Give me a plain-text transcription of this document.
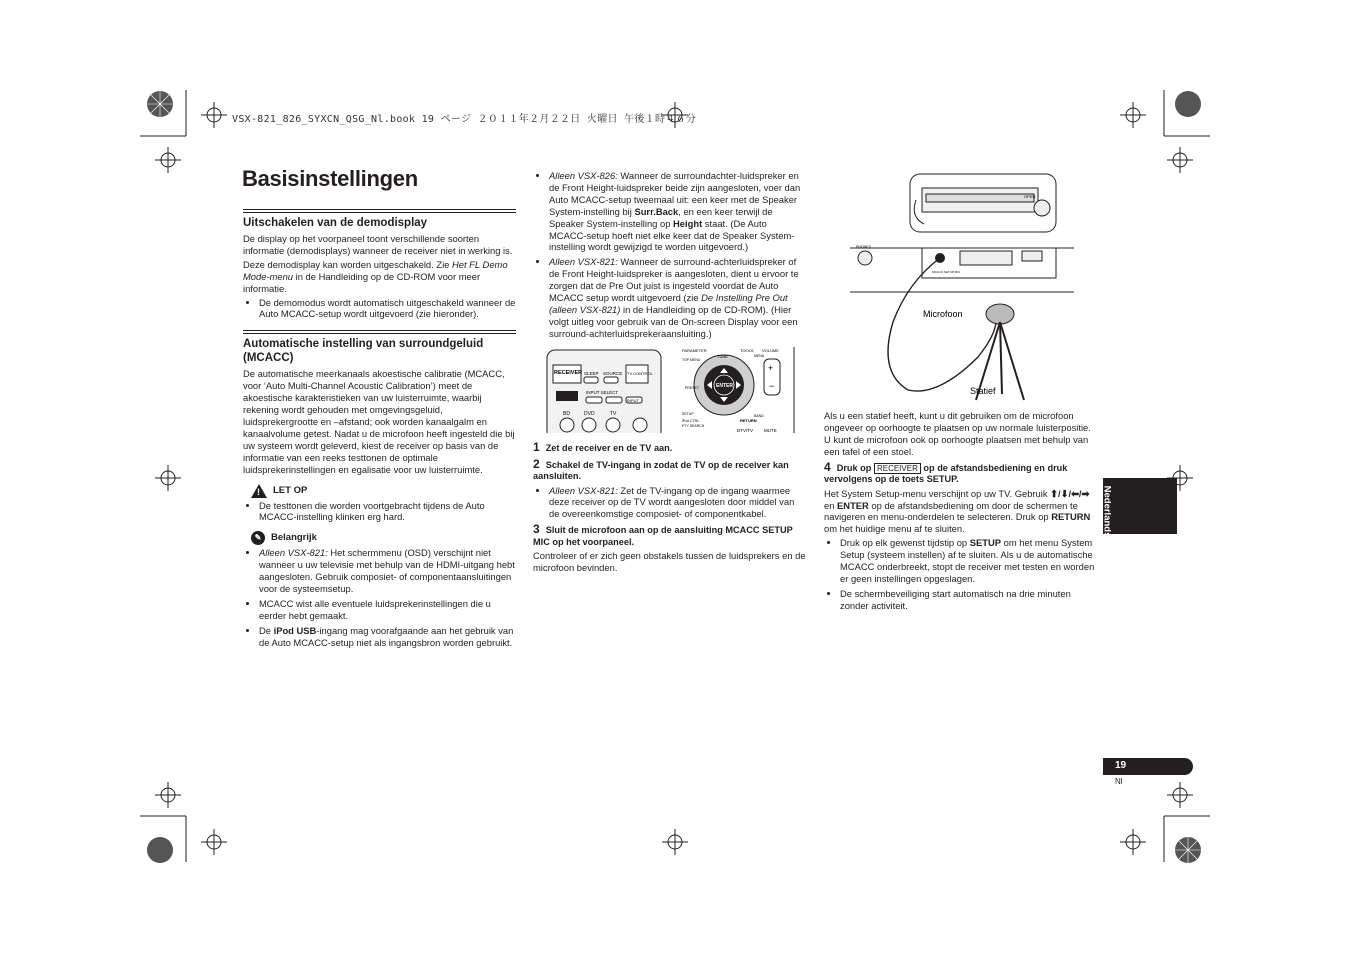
VSX-821_826_SYXCN_QSG_Nl.book 19 ページ ２０１１年２月２２日 火曜日 午後１時４６分
Basisinstellingen
Uitschakelen van de demodisplay

De display op het voorpaneel toont verschillende soorten informatie (demodisplays) wanneer de receiver niet in werking is.

Deze demodisplay kan worden uitgeschakeld. Zie Het FL Demo Mode-menu in de Handleiding op de CD-ROM voor meer informatie.

• De demomodus wordt automatisch uitgeschakeld wanneer de Auto MCACC-setup wordt uitgevoerd (zie hieronder).
Automatische instelling van surroundgeluid (MCACC)

De automatische meerkanaals akoestische calibratie (MCACC, voor ‘Auto Multi-Channel Acoustic Calibration’) meet de akoestische karakteristieken van uw luisterruimte, waarbij rekening wordt gehouden met omgevingsgeluid, luidsprekergrootte en –afstand; ook worden kanaalgalm en kanaalvolume getest. Nadat u de microfoon heeft ingesteld die bij uw systeem wordt geleverd, kiest de receiver op basis van de informatie van een reeks testtonen de optimale luidsprekerinstellingen en egalisatie voor uw luisterruimte.

! LET OP
• De testtonen die worden voortgebracht tijdens de Auto MCACC-instelling klinken erg hard.
✎	Belangrijk
• Alleen VSX-821: Het schermmenu (OSD) verschijnt niet wanneer u uw televisie met behulp van de HDMI-uitgang hebt aangesloten. Gebruik composiet- of componentaansluitingen voor de systeemsetup.
• MCACC wist alle eventuele luidsprekerinstellingen die u eerder hebt gemaakt.
• De iPod USB-ingang mag voorafgaande aan het gebruik van de Auto MCACC-setup niet als ingangsbron worden gebruikt.
• Alleen VSX-826: Wanneer de surroundachter-luidspreker en de Front Height-luidspreker beide zijn aangesloten, voer dan Auto MCACC-setup tweemaal uit: een keer met de Speaker System-instelling bij Surr.Back, en een keer terwijl de Speaker System-instelling op Height staat. (De Auto MCACC-setup hoeft niet elke keer dat de Speaker System-instelling wordt gewijzigd te worden uitgevoerd.)
• Alleen VSX-821: Wanneer de surround-achterluidspreker of de Front Height-luidspreker is aangesloten, dient u ervoor te zorgen dat de Pre Out juist is ingesteld voordat de Auto MCACC setup wordt uitgevoerd (zie De Instelling Pre Out (alleen VSX-821) in de Handleiding op de CD-ROM). (Hier volgt uitleg voor gebruik van de On-screen Display voor een surround-achterluidsprekeraansluiting.)
RECEIVER SLEEP SOURCE TV CONTROL
INPUT SELECT
INPUT
BD	DVD	TV
PARAMETER	TOOLS VOLUME
TOP MENU
MENU
ENTER
TUNE
PRESET
+
−
BAND
SETUP
RETURN
iPod CTRL
PTY SEARCH
DTV/TV MUTE
1 Zet de receiver en de TV aan.
2 Schakel de TV-ingang in zodat de TV op de receiver kan aansluiten.
• Alleen VSX-821: Zet de TV-ingang op de ingang waarmee deze receiver op de TV wordt aangesloten door middel van de overeenkomstige composiet- of componentkabel.
3 Sluit de microfoon aan op de aansluiting MCACC SETUP MIC op het voorpaneel.

Controleer of er zich geen obstakels tussen de luidsprekers en de microfoon bevinden.

OPEN
PHONES
MCACC SETUP MIC
Microfoon
Statief

Als u een statief heeft, kunt u dit gebruiken om de microfoon ongeveer op oorhoogte te plaatsen op uw normale luisterpositie. U kunt de microfoon ook op oorhoogte plaatsen met behulp van een tafel of een stoel.

4 Druk op RECEIVER op de afstandsbediening en druk vervolgens op de toets SETUP.

Het System Setup-menu verschijnt op uw TV. Gebruik ⬆/⬇/⬅/➡ en ENTER op de afstandsbediening om door de schermen te navigeren en menu-onderdelen te selecteren. Druk op RETURN om het huidige menu af te sluiten.

• Druk op elk gewenst tijdstip op SETUP om het menu System Setup (systeem instellen) af te sluiten. Als u de automatische MCACC onderbreekt, stopt de receiver met testen en worden er geen instellingen opgeslagen.
• De schermbeveiliging start automatisch na drie minuten zonder activiteit.
Nederlands
19
Nl
